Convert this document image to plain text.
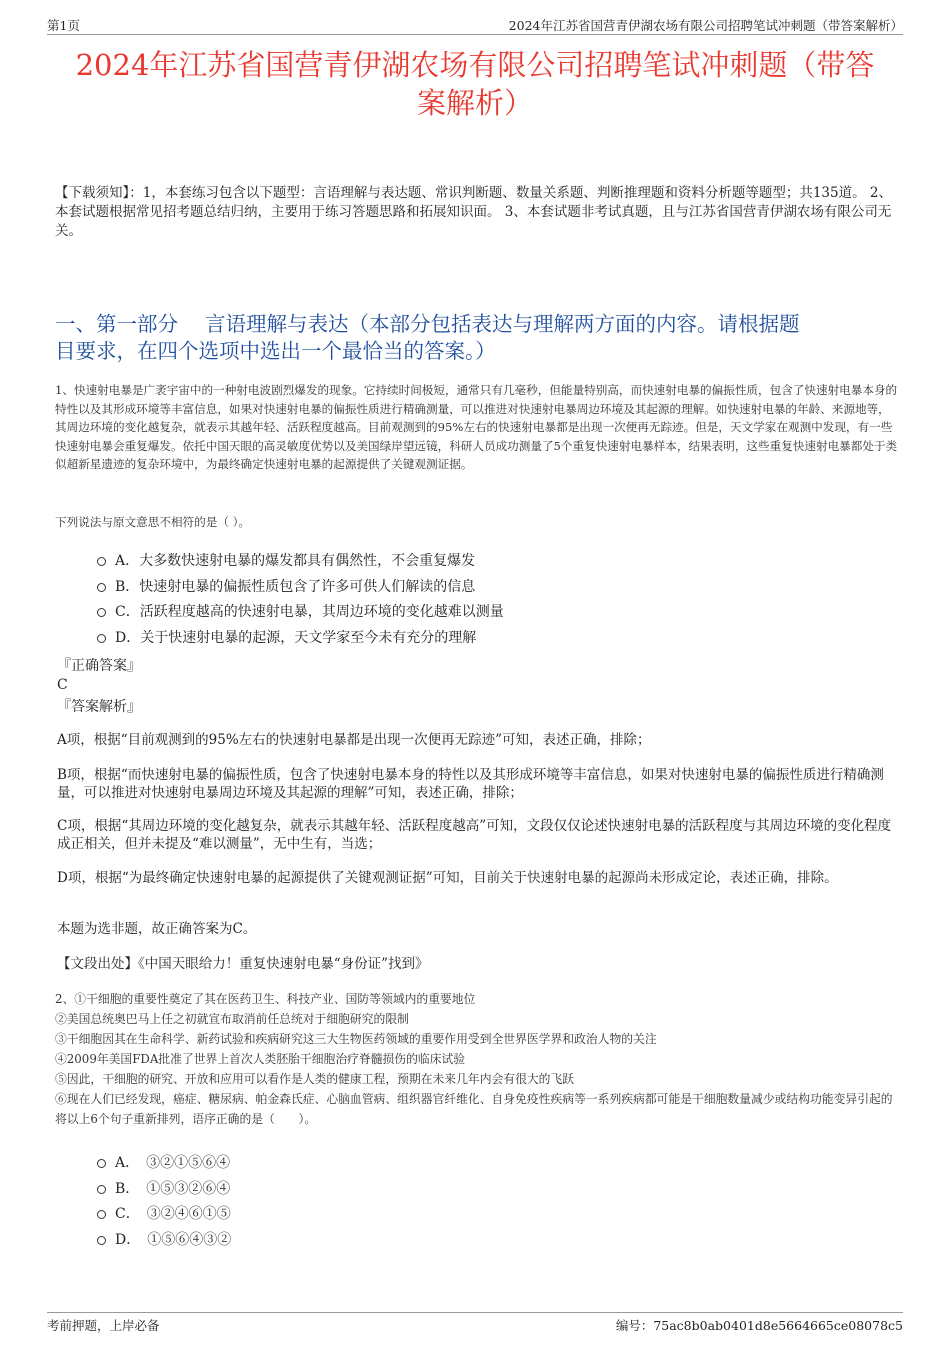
第1页	2024年江苏省国营青伊湖农场有限公司招聘笔试冲刺题（带答案解析）
2024年江苏省国营青伊湖农场有限公司招聘笔试冲刺题（带答
案解析）
【下载须知】：1，本套练习包含以下题型：言语理解与表达题、常识判断题、数量关系题、判断推理题和资料分析题等题型；共135道。 2、本套试题根据常见招考题总结归纳，主要用于练习答题思路和拓展知识面。 3、本套试题非考试真题，且与江苏省国营青伊湖农场有限公司无关。
一、第一部分　 言语理解与表达（本部分包括表达与理解两方面的内容。请根据题
目要求，在四个选项中选出一个最恰当的答案。）
1、快速射电暴是广袤宇宙中的一种射电波剧烈爆发的现象。它持续时间极短，通常只有几毫秒，但能量特别高，而快速射电暴的偏振性质，包含了快速射电暴本身的特性以及其形成环境等丰富信息，如果对快速射电暴的偏振性质进行精确测量，可以推进对快速射电暴周边环境及其起源的理解。如快速射电暴的年龄、来源地等，其周边环境的变化越复杂，就表示其越年轻、活跃程度越高。目前观测到的95%左右的快速射电暴都是出现一次便再无踪迹。但是，天文学家在观测中发现，有一些快速射电暴会重复爆发。依托中国天眼的高灵敏度优势以及美国绿岸望远镜，科研人员成功测量了5个重复快速射电暴样本，结果表明，这些重复快速射电暴都处于类似超新星遗迹的复杂环境中，为最终确定快速射电暴的起源提供了关键观测证据。
下列说法与原文意思不相符的是（ ）。
A．大多数快速射电暴的爆发都具有偶然性，不会重复爆发
B．快速射电暴的偏振性质包含了许多可供人们解读的信息
C．活跃程度越高的快速射电暴，其周边环境的变化越难以测量
D．关于快速射电暴的起源，天文学家至今未有充分的理解
『正确答案』
C
『答案解析』
A项，根据“目前观测到的95%左右的快速射电暴都是出现一次便再无踪迹”可知，表述正确，排除；
B项，根据“而快速射电暴的偏振性质，包含了快速射电暴本身的特性以及其形成环境等丰富信息，如果对快速射电暴的偏振性质进行精确测量，可以推进对快速射电暴周边环境及其起源的理解”可知，表述正确，排除；
C项，根据“其周边环境的变化越复杂，就表示其越年轻、活跃程度越高”可知，文段仅仅论述快速射电暴的活跃程度与其周边环境的变化程度成正相关，但并未提及“难以测量”，无中生有，当选；
D项，根据“为最终确定快速射电暴的起源提供了关键观测证据”可知，目前关于快速射电暴的起源尚未形成定论，表述正确，排除。
本题为选非题，故正确答案为C。
【文段出处】《中国天眼给力！重复快速射电暴“身份证”找到》
2、①干细胞的重要性奠定了其在医药卫生、科技产业、国防等领域内的重要地位
②美国总统奥巴马上任之初就宣布取消前任总统对于细胞研究的限制
③干细胞因其在生命科学、新药试验和疾病研究这三大生物医药领域的重要作用受到全世界医学界和政治人物的关注
④2009年美国FDA批准了世界上首次人类胚胎干细胞治疗脊髓损伤的临床试验
⑤因此，干细胞的研究、开放和应用可以看作是人类的健康工程，预期在未来几年内会有很大的飞跃
⑥现在人们已经发现，癌症、糖尿病、帕金森氏症、心脑血管病、组织器官纤维化、自身免疫性疾病等一系列疾病都可能是干细胞数量减少或结构功能变异引起的
将以上6个句子重新排列，语序正确的是（　　）。
A．　③②①⑤⑥④
B．　①⑤③②⑥④
C．　③②④⑥①⑤
D．　①⑤⑥④③②
考前押题，上岸必备	编号：75ac8b0ab0401d8e5664665ce08078c5
